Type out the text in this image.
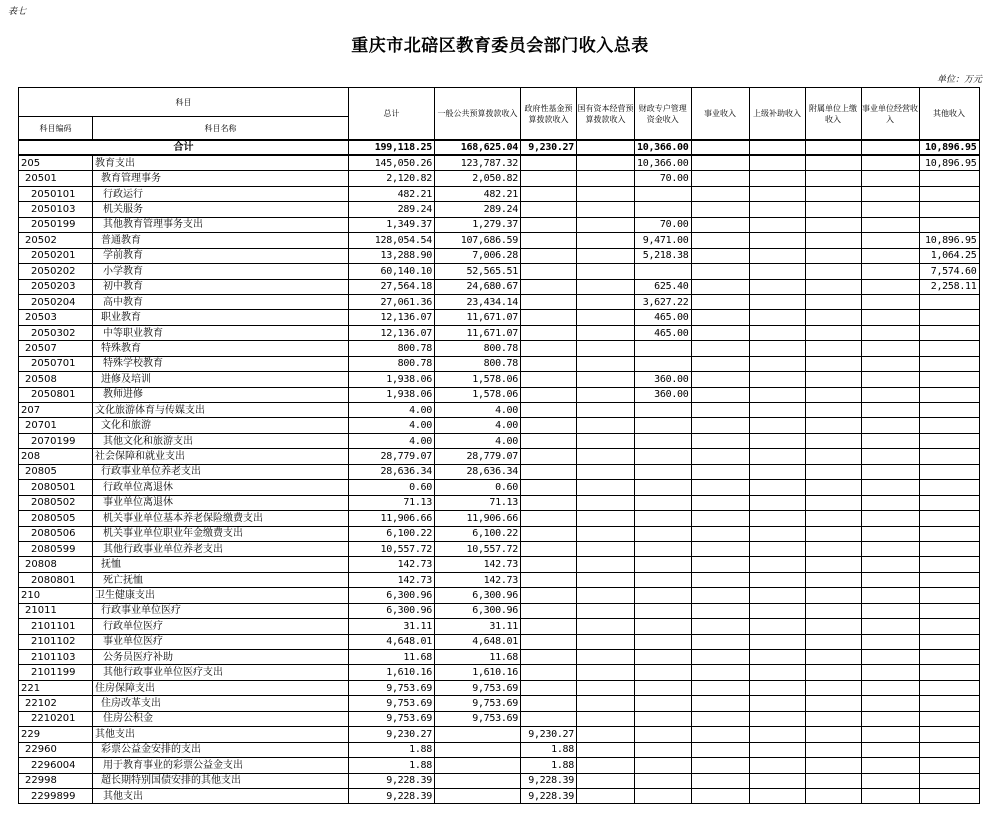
表七
重庆市北碚区教育委员会部门收入总表
单位：万元
科目		总计	一般公共预算拨款收入	政府性基金预算拨款收入	国有资本经营预算拨款收入	财政专户管理资金收入	事业收入	上级补助收入	附属单位上缴收入	事业单位经营收入	其他收入
科目编码	科目名称										
合计		199,118.25	168,625.04	9,230.27		10,366.00					10,896.95
205	教育支出	145,050.26	123,787.32			10,366.00					10,896.95
20501	教育管理事务	2,120.82	2,050.82			70.00					
2050101	行政运行	482.21	482.21								
2050103	机关服务	289.24	289.24								
2050199	其他教育管理事务支出	1,349.37	1,279.37			70.00					
20502	普通教育	128,054.54	107,686.59			9,471.00					10,896.95
2050201	学前教育	13,288.90	7,006.28			5,218.38					1,064.25
2050202	小学教育	60,140.10	52,565.51								7,574.60
2050203	初中教育	27,564.18	24,680.67			625.40					2,258.11
2050204	高中教育	27,061.36	23,434.14			3,627.22					
20503	职业教育	12,136.07	11,671.07			465.00					
2050302	中等职业教育	12,136.07	11,671.07			465.00					
20507	特殊教育	800.78	800.78								
2050701	特殊学校教育	800.78	800.78								
20508	进修及培训	1,938.06	1,578.06			360.00					
2050801	教师进修	1,938.06	1,578.06			360.00					
207	文化旅游体育与传媒支出	4.00	4.00								
20701	文化和旅游	4.00	4.00								
2070199	其他文化和旅游支出	4.00	4.00								
208	社会保障和就业支出	28,779.07	28,779.07								
20805	行政事业单位养老支出	28,636.34	28,636.34								
2080501	行政单位离退休	0.60	0.60								
2080502	事业单位离退休	71.13	71.13								
2080505	机关事业单位基本养老保险缴费支出	11,906.66	11,906.66								
2080506	机关事业单位职业年金缴费支出	6,100.22	6,100.22								
2080599	其他行政事业单位养老支出	10,557.72	10,557.72								
20808	抚恤	142.73	142.73								
2080801	死亡抚恤	142.73	142.73								
210	卫生健康支出	6,300.96	6,300.96								
21011	行政事业单位医疗	6,300.96	6,300.96								
2101101	行政单位医疗	31.11	31.11								
2101102	事业单位医疗	4,648.01	4,648.01								
2101103	公务员医疗补助	11.68	11.68								
2101199	其他行政事业单位医疗支出	1,610.16	1,610.16								
221	住房保障支出	9,753.69	9,753.69								
22102	住房改革支出	9,753.69	9,753.69								
2210201	住房公积金	9,753.69	9,753.69								
229	其他支出	9,230.27		9,230.27							
22960	彩票公益金安排的支出	1.88		1.88							
2296004	用于教育事业的彩票公益金支出	1.88		1.88							
22998	超长期特别国债安排的其他支出	9,228.39		9,228.39							
2299899	其他支出	9,228.39		9,228.39							
